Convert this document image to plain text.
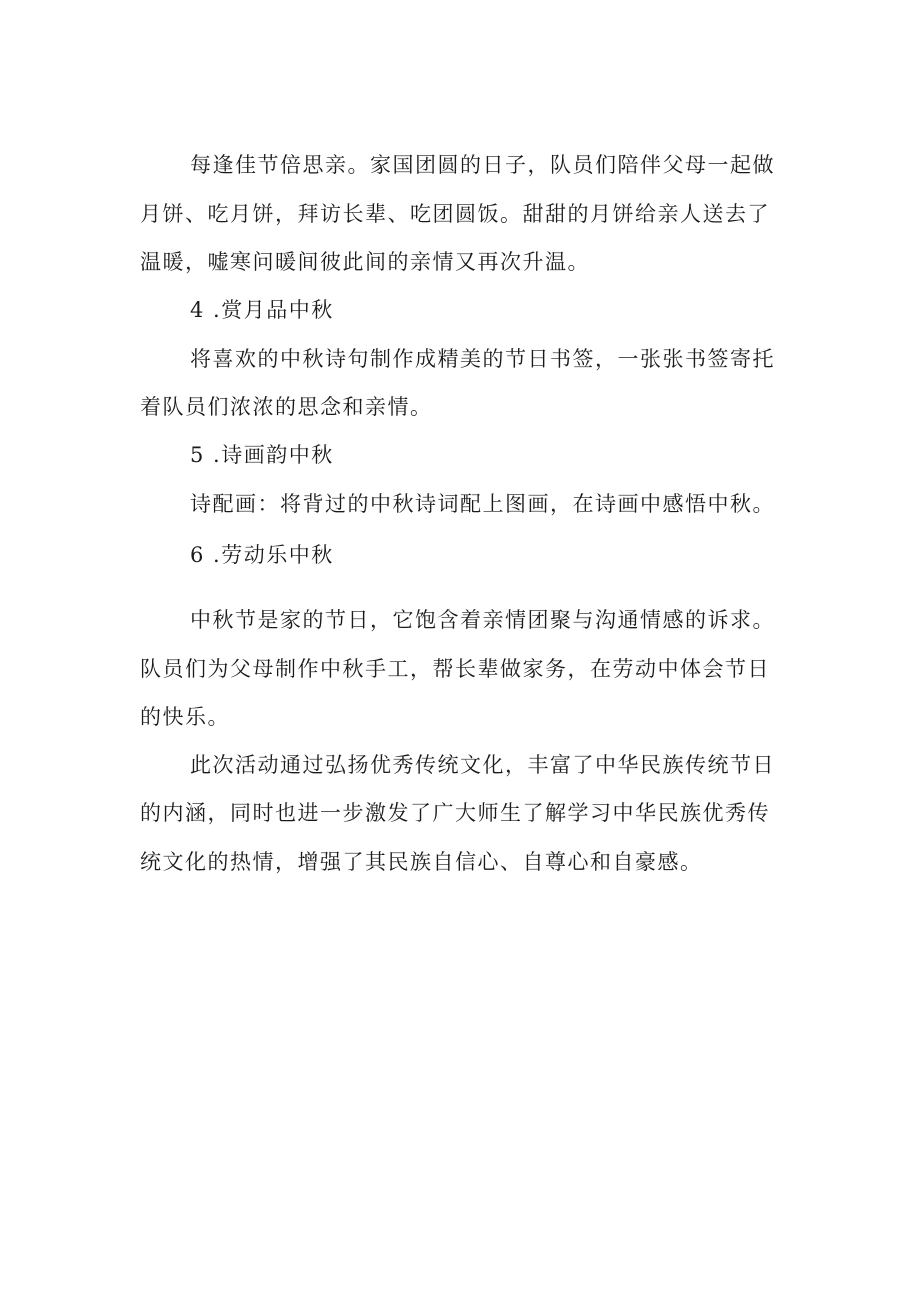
每逢佳节倍思亲。家国团圆的日子，队员们陪伴父母一起做
月饼、吃月饼，拜访长辈、吃团圆饭。甜甜的月饼给亲人送去了
温暖，嘘寒问暖间彼此间的亲情又再次升温。
4 .赏月品中秋
将喜欢的中秋诗句制作成精美的节日书签，一张张书签寄托
着队员们浓浓的思念和亲情。
5 .诗画韵中秋
诗配画：将背过的中秋诗词配上图画，在诗画中感悟中秋。
6 .劳动乐中秋
中秋节是家的节日，它饱含着亲情团聚与沟通情感的诉求。
队员们为父母制作中秋手工，帮长辈做家务，在劳动中体会节日
的快乐。
此次活动通过弘扬优秀传统文化，丰富了中华民族传统节日
的内涵，同时也进一步激发了广大师生了解学习中华民族优秀传
统文化的热情，增强了其民族自信心、自尊心和自豪感。
